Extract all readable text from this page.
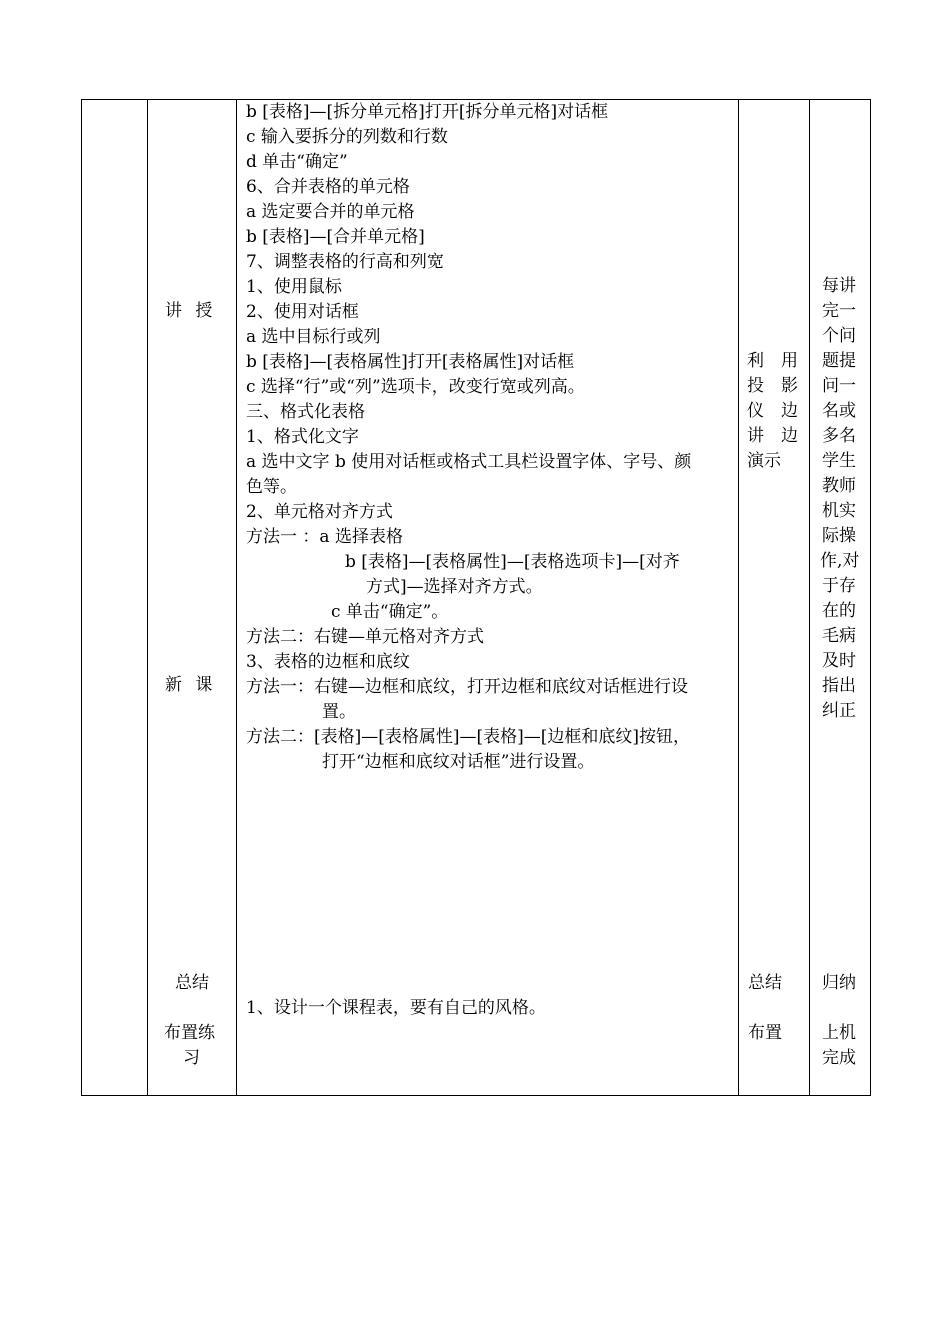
讲 授
新 课
总结
布置练
习
b [表格]—[拆分单元格]打开[拆分单元格]对话框
c 输入要拆分的列数和行数
d 单击“确定”
6、合并表格的单元格
a 选定要合并的单元格
b [表格]—[合并单元格]
7、调整表格的行高和列宽
1、使用鼠标
2、使用对话框
a 选中目标行或列
b [表格]—[表格属性]打开[表格属性]对话框
c 选择“行”或“列”选项卡，改变行宽或列高。
三、格式化表格
1、格式化文字
a 选中文字 b 使用对话框或格式工具栏设置字体、字号、颜
色等。
2、单元格对齐方式
方法一 ：a 选择表格
b [表格]—[表格属性]—[表格选项卡]—[对齐
方式]—选择对齐方式。
c 单击“确定”。
方法二：右键—单元格对齐方式
3、表格的边框和底纹
方法一：右键—边框和底纹，打开边框和底纹对话框进行设
置。
方法二：[表格]—[表格属性]—[表格]—[边框和底纹]按钮，
打开“边框和底纹对话框”进行设置。
1、设计一个课程表，要有自己的风格。
利　用
投　影
仪　边
讲　边
演示
总结
布置
每讲
完一
个问
题提
问一
名或
多名
学生
教师
机实
际操
作,对
于存
在的
毛病
及时
指出
纠正
归纳
上机
完成
